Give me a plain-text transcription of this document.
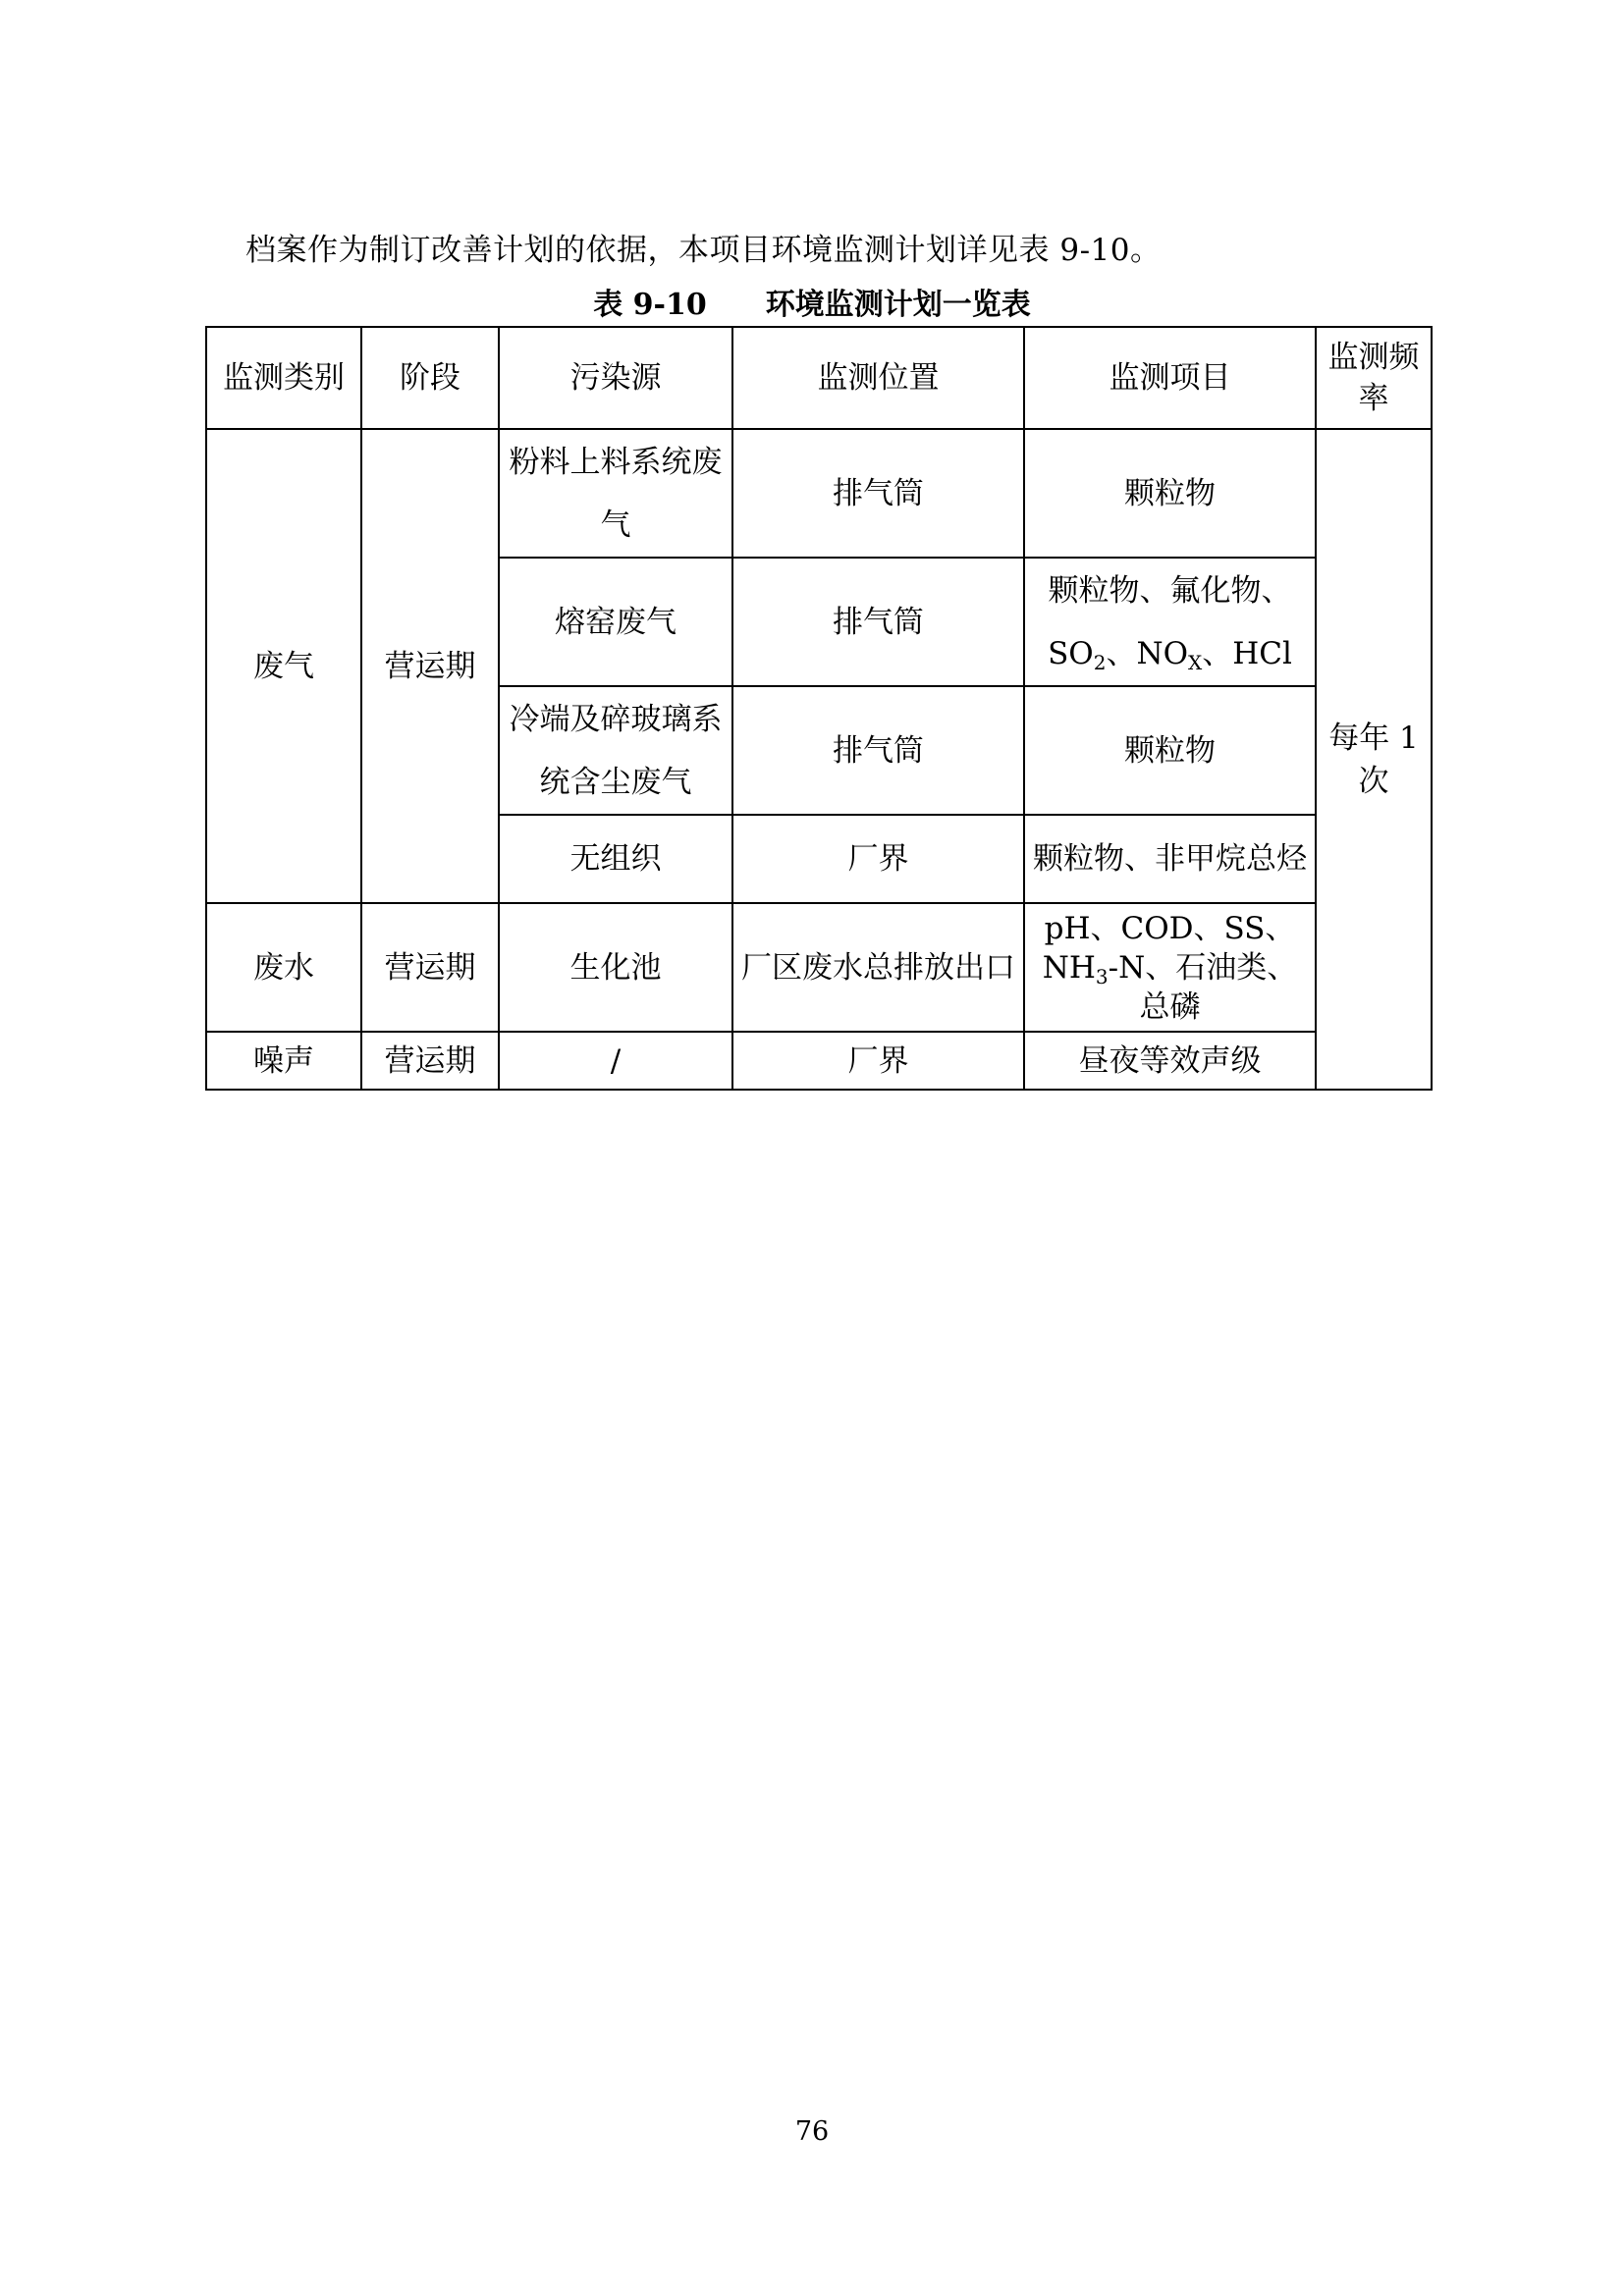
档案作为制订改善计划的依据，本项目环境监测计划详见表 9-10。

表 9-10 环境监测计划一览表
监测类别	阶段	污染源	监测位置	监测项目	监测频率
废气	营运期	粉料上料系统废气	排气筒	颗粒物	每年 1 次
		熔窑废气	排气筒	颗粒物、氟化物、
$SO_2$、$NO_X$、HCl	
		冷端及碎玻璃系统含尘废气	排气筒	颗粒物	
		无组织	厂界	颗粒物、非甲烷总烃	
废水	营运期	生化池	厂区废水总排放出口	pH、COD、SS、
$NH_3-N$、石油类、
总磷	
噪声	营运期	/	厂界	昼夜等效声级	
76
